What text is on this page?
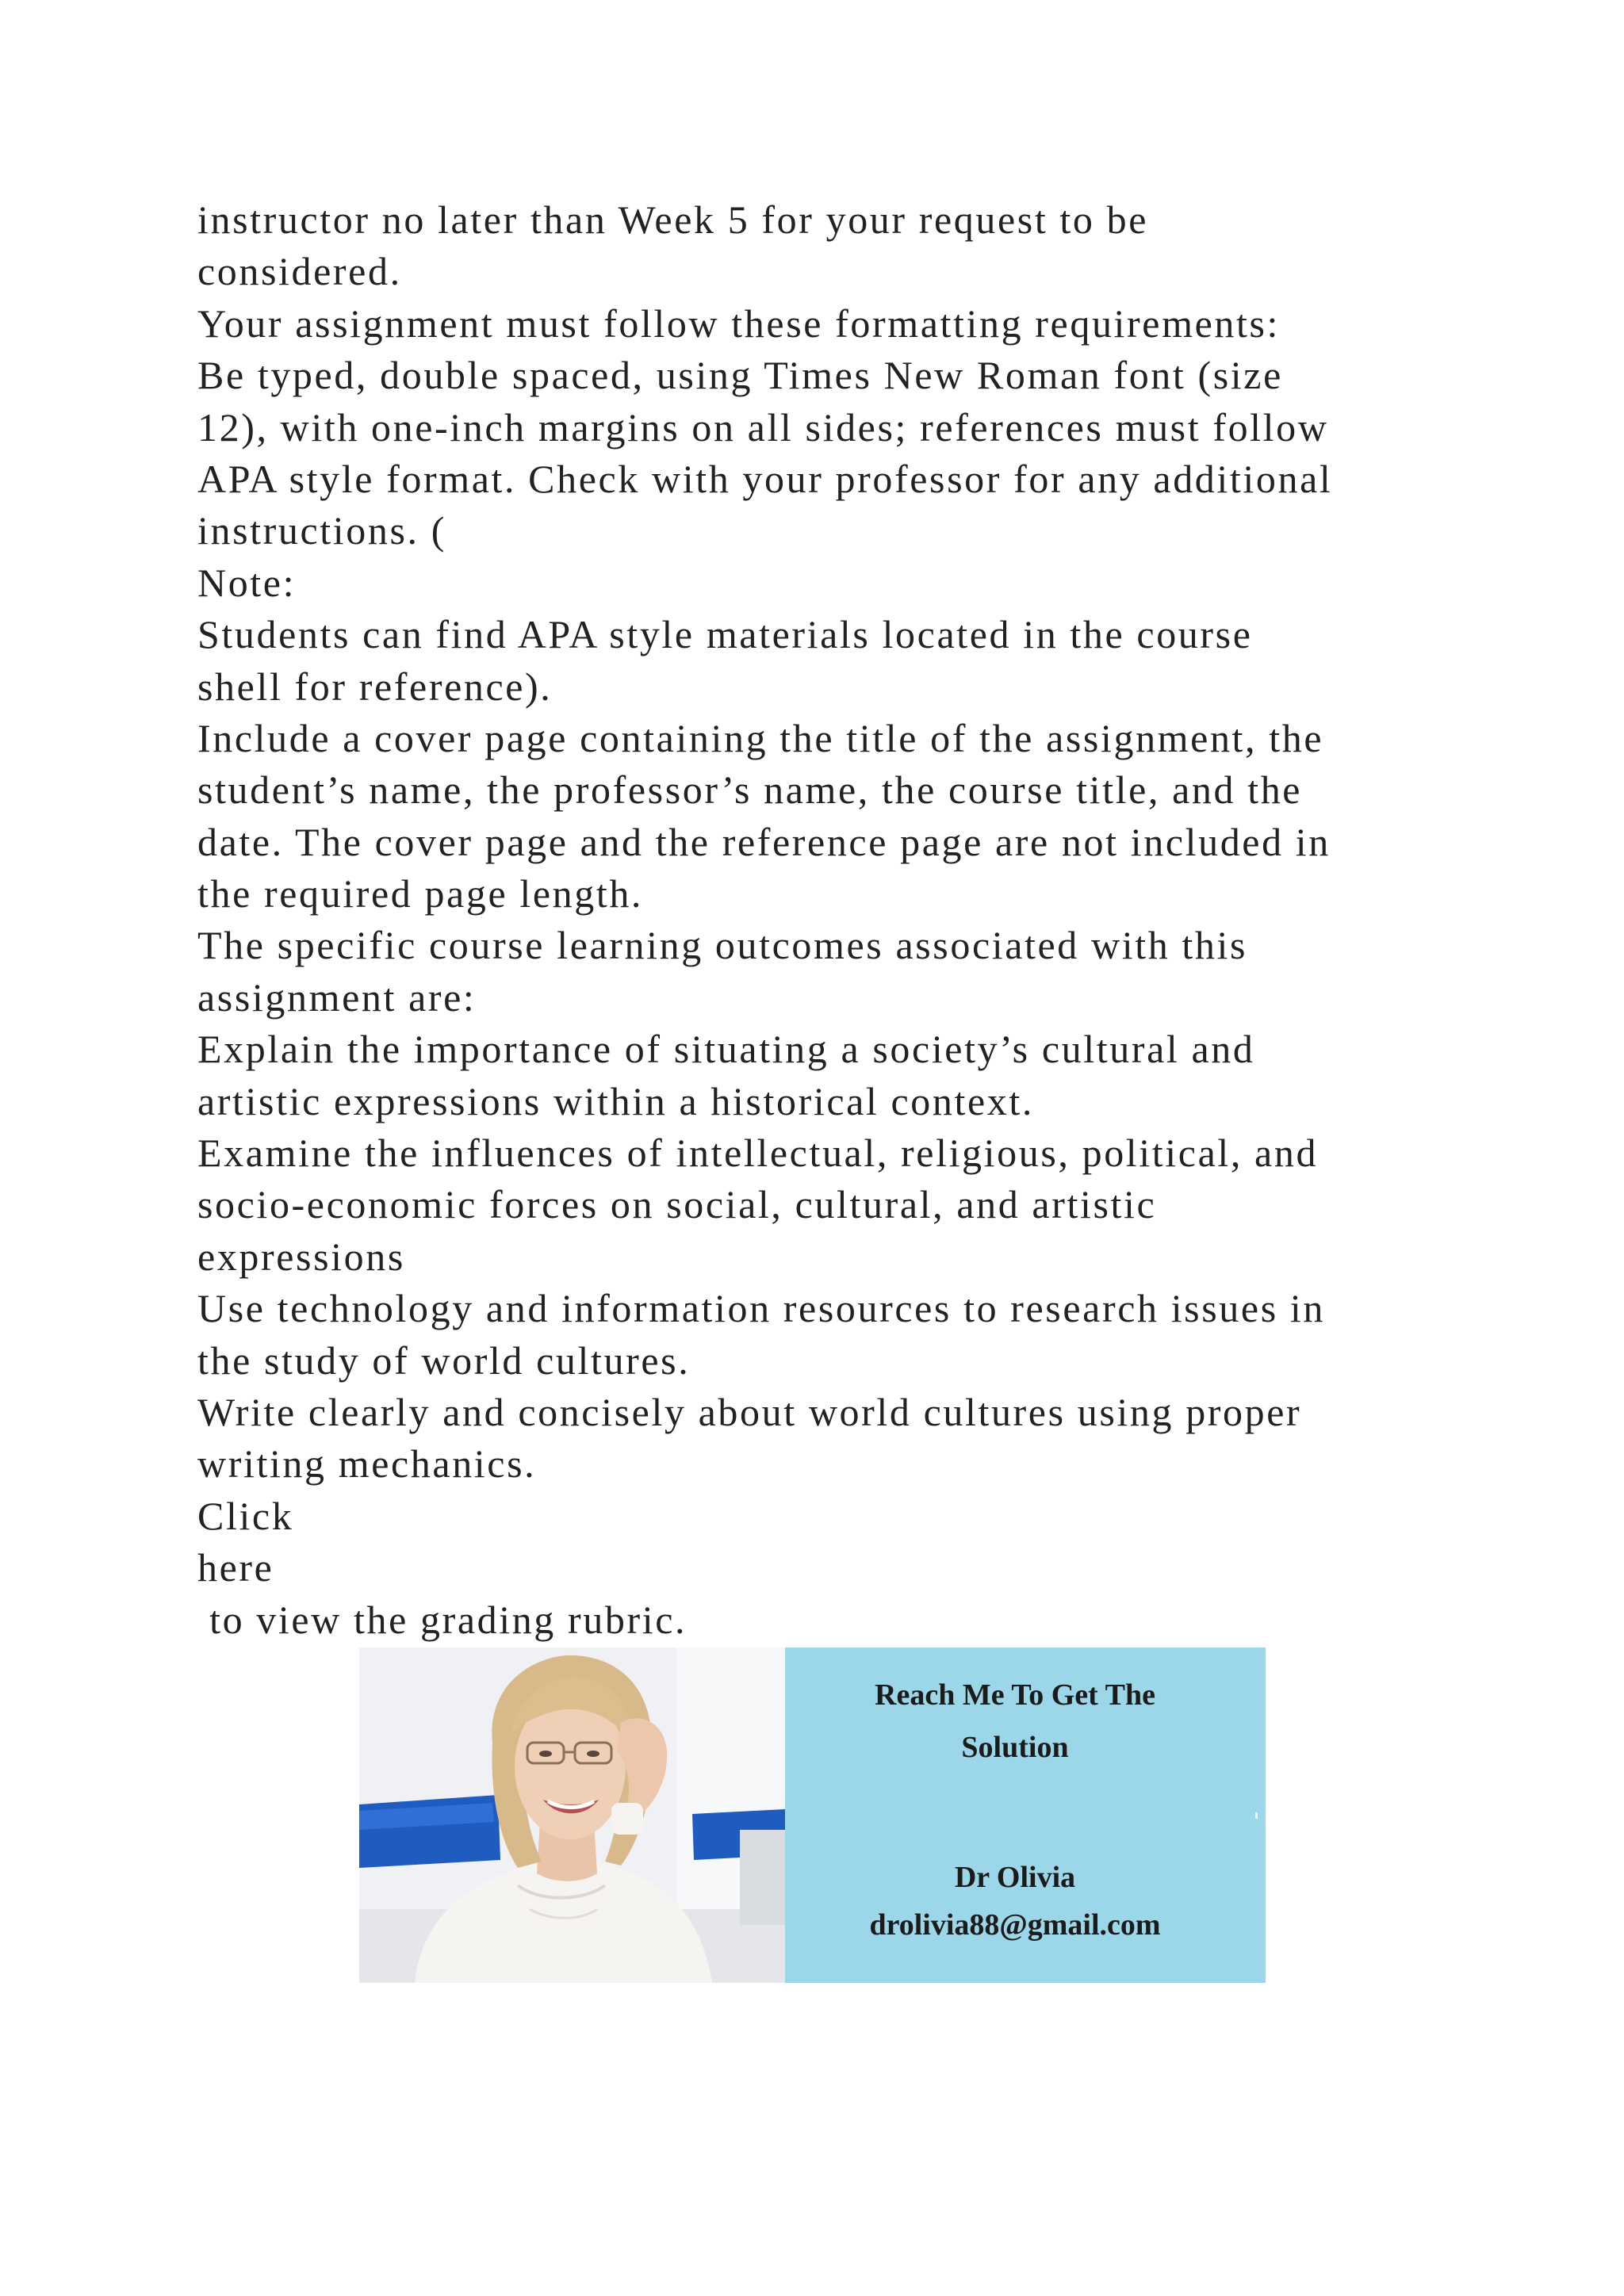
instructor no later than Week 5 for your request to be

considered.

Your assignment must follow these formatting requirements:

Be typed, double spaced, using Times New Roman font (size

12), with one-inch margins on all sides; references must follow

APA style format. Check with your professor for any additional

instructions. (

Note:

Students can find APA style materials located in the course

shell for reference).

Include a cover page containing the title of the assignment, the

student’s name, the professor’s name, the course title, and the

date. The cover page and the reference page are not included in

the required page length.

The specific course learning outcomes associated with this

assignment are:

Explain the importance of situating a society’s cultural and

artistic expressions within a historical context.

Examine the influences of intellectual, religious, political, and

socio-economic forces on social, cultural, and artistic

expressions

Use technology and information resources to research issues in

the study of world cultures.

Write clearly and concisely about world cultures using proper

writing mechanics.

Click

here

to view the grading rubric.

Reach Me To Get The
Solution
Dr Olivia
drolivia88@gmail.com
